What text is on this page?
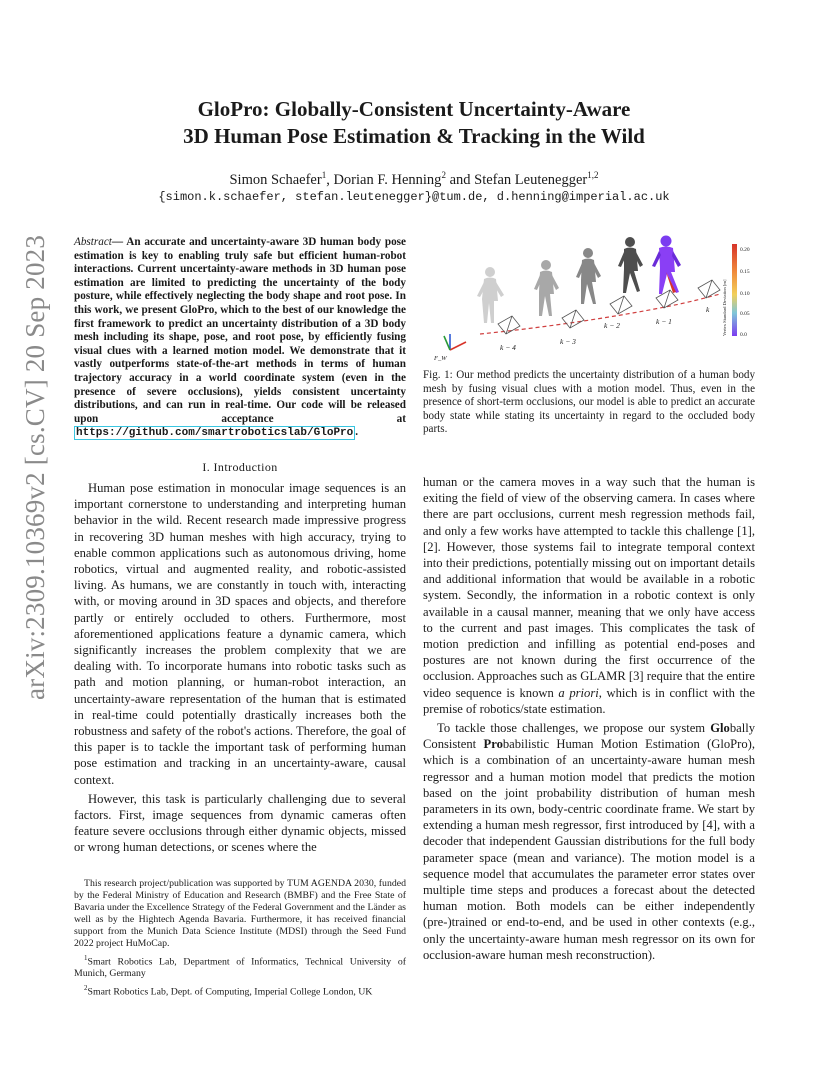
arXiv:2309.10369v2 [cs.CV] 20 Sep 2023
GloPro: Globally-Consistent Uncertainty-Aware
3D Human Pose Estimation & Tracking in the Wild
Simon Schaefer$^1$, Dorian F. Henning$^2$ and Stefan Leutenegger$^{1,2}$
{simon.k.schaefer, stefan.leutenegger}@tum.de, d.henning@imperial.ac.uk
Abstract— An accurate and uncertainty-aware 3D human body pose estimation is key to enabling truly safe but efficient human-robot interactions. Current uncertainty-aware methods in 3D human pose estimation are limited to predicting the uncertainty of the body posture, while effectively neglecting the body shape and root pose. In this work, we present GloPro, which to the best of our knowledge the first framework to predict an uncertainty distribution of a 3D body mesh including its shape, pose, and root pose, by efficiently fusing visual clues with a learned motion model. We demonstrate that it vastly outperforms state-of-the-art methods in terms of human trajectory accuracy in a world coordinate system (even in the presence of severe occlusions), yields consistent uncertainty distributions, and can run in real-time. Our code will be released upon acceptance at https://github.com/smartroboticslab/GloPro .
I. Introduction

Human pose estimation in monocular image sequences is an important cornerstone to understanding and interpreting human behavior in the wild. Recent research made impressive progress in recovering 3D human meshes with high accuracy, trying to enable common applications such as autonomous driving, home robotics, virtual and augmented reality, and robotic-assisted living. As humans, we are constantly in touch with, interacting with, or moving around in 3D spaces and objects, and therefore partly or entirely occluded to others. Furthermore, most aforementioned applications feature a dynamic camera, which significantly increases the problem complexity that we are dealing with. To incorporate humans into robotic tasks such as path and motion planning, or human-robot interaction, an uncertainty-aware representation of the human that is estimated in real-time could potentially drastically increases both the robustness and safety of the robot's actions. Therefore, the goal of this paper is to tackle the important task of performing human pose estimation and tracking in an uncertainty-aware, causal context.

However, this task is particularly challenging due to several factors. First, image sequences from dynamic cameras often feature severe occlusions through either dynamic objects, missed or wrong human detections, or scenes where the

This research project/publication was supported by TUM AGENDA 2030, funded by the Federal Ministry of Education and Research (BMBF) and the Free State of Bavaria under the Excellence Strategy of the Federal Government and the Länder as well as by the Hightech Agenda Bavaria. Furthermore, it has received financial support from the Munich Data Science Institute (MDSI) through the Seed Fund 2022 project HuMoCap.

$^1$Smart Robotics Lab, Department of Informatics, Technical University of Munich, Germany

$^2$Smart Robotics Lab, Dept. of Computing, Imperial College London, UK

k − 4
k − 3
k − 2	k − 1
k
F_W
Vertex Standard Deviation [m]
0.20
0.15
0.10
0.05
0.0
Fig. 1: Our method predicts the uncertainty distribution of a human body mesh by fusing visual clues with a motion model. Thus, even in the presence of short-term occlusions, our model is able to predict an accurate body state while stating its uncertainty in regard to the occluded body parts.

human or the camera moves in a way such that the human is exiting the field of view of the observing camera. In cases where there are part occlusions, current mesh regression methods fail, and only a few works have attempted to tackle this challenge [1], [2]. However, those systems fail to integrate temporal context into their predictions, potentially missing out on important details and additional information that would be available in a robotic system. Secondly, the information in a robotic context is only available in a causal manner, meaning that we only have access to the current and past images. This complicates the task of motion prediction and infilling as potential end-poses and postures are not known during the first occurrence of the occlusion. Approaches such as GLAMR [3] require that the entire video sequence is known a priori, which is in conflict with the premise of robotics/state estimation.

To tackle those challenges, we propose our system Globally Consistent Probabilistic Human Motion Estimation (GloPro), which is a combination of an uncertainty-aware human mesh regressor and a human motion model that predicts the motion based on the joint probability distribution of human mesh parameters in its own, body-centric coordinate frame. We start by extending a human mesh regressor, first introduced by [4], with a decoder that independent Gaussian distributions for the full body parameter space (mean and variance). The motion model is a sequence model that accumulates the parameter error states over multiple time steps and produces a forecast about the detected human motion. Both models can be either independently (pre-)trained or end-to-end, and be used in other contexts (e.g., only the uncertainty-aware human mesh regressor on its own for occlusion-aware human mesh reconstruction).
